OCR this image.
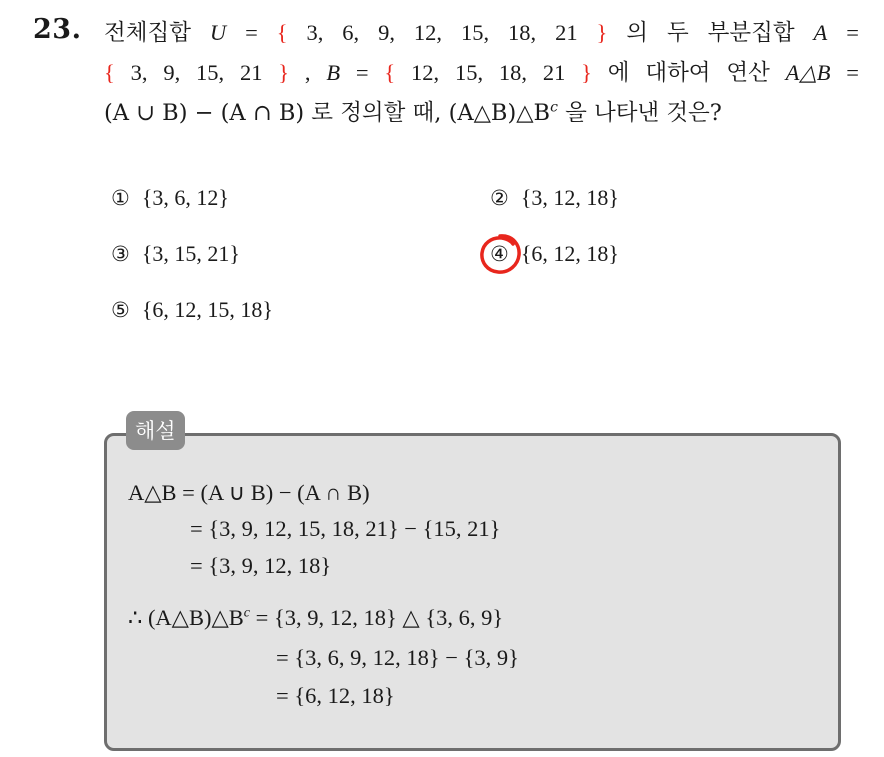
23. 전체집합 U = { 3, 6, 9, 12, 15, 18, 21 } 의 두 부분집합 A =
{ 3, 9, 15, 21 } , B = { 12, 15, 18, 21 } 에 대하여 연산 A△B =
(A ∪ B) − (A ∩ B) 로 정의할 때, $(A\triangle B)\triangle B^c$ 을 나타낸 것은?
① {3, 6, 12}	② {3, 12, 18}
③ {3, 15, 21}	④ {6, 12, 18}
⑤ {6, 12, 15, 18}
해설
A△B = (A ∪ B) − (A ∩ B)
= {3, 9, 12, 15, 18, 21} − {15, 21}
= {3, 9, 12, 18}
∴ $(A\triangle B)\triangle B^c = \{3$, 9, 12, 18} △ {3, 6, 9}
= {3, 6, 9, 12, 18} − {3, 9}
= {6, 12, 18}
